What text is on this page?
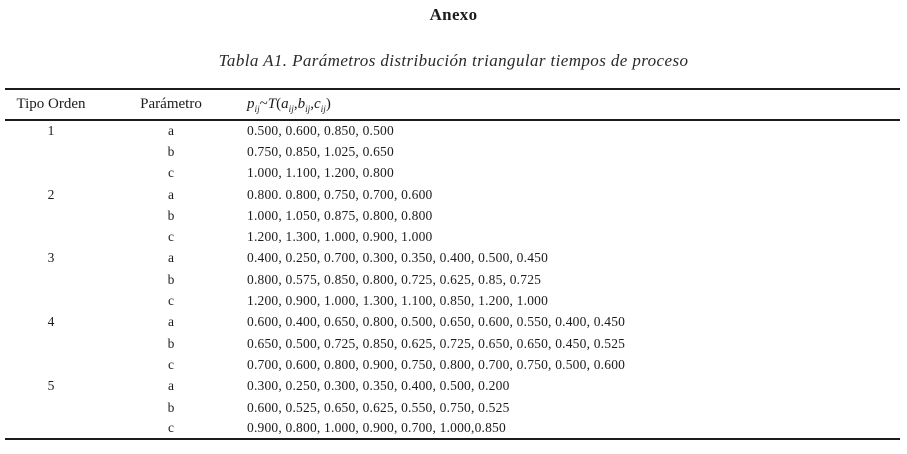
Anexo
Tabla A1. Parámetros distribución triangular tiempos de proceso
Tipo Orden	Parámetro	$p_{ij}\sim T(a_{ij},b_{ij},c_{ij})$
1	a	0.500, 0.600, 0.850, 0.500
	b	0.750, 0.850, 1.025, 0.650
	c	1.000, 1.100, 1.200, 0.800
2	a	0.800. 0.800, 0.750, 0.700, 0.600
	b	1.000, 1.050, 0.875, 0.800, 0.800
	c	1.200, 1.300, 1.000, 0.900, 1.000
3	a	0.400, 0.250, 0.700, 0.300, 0.350, 0.400, 0.500, 0.450
	b	0.800, 0.575, 0.850, 0.800, 0.725, 0.625, 0.85, 0.725
	c	1.200, 0.900, 1.000, 1.300, 1.100, 0.850, 1.200, 1.000
4	a	0.600, 0.400, 0.650, 0.800, 0.500, 0.650, 0.600, 0.550, 0.400, 0.450
	b	0.650, 0.500, 0.725, 0.850, 0.625, 0.725, 0.650, 0.650, 0.450, 0.525
	c	0.700, 0.600, 0.800, 0.900, 0.750, 0.800, 0.700, 0.750, 0.500, 0.600
5	a	0.300, 0.250, 0.300, 0.350, 0.400, 0.500, 0.200
	b	0.600, 0.525, 0.650, 0.625, 0.550, 0.750, 0.525
	c	0.900, 0.800, 1.000, 0.900, 0.700, 1.000,0.850
